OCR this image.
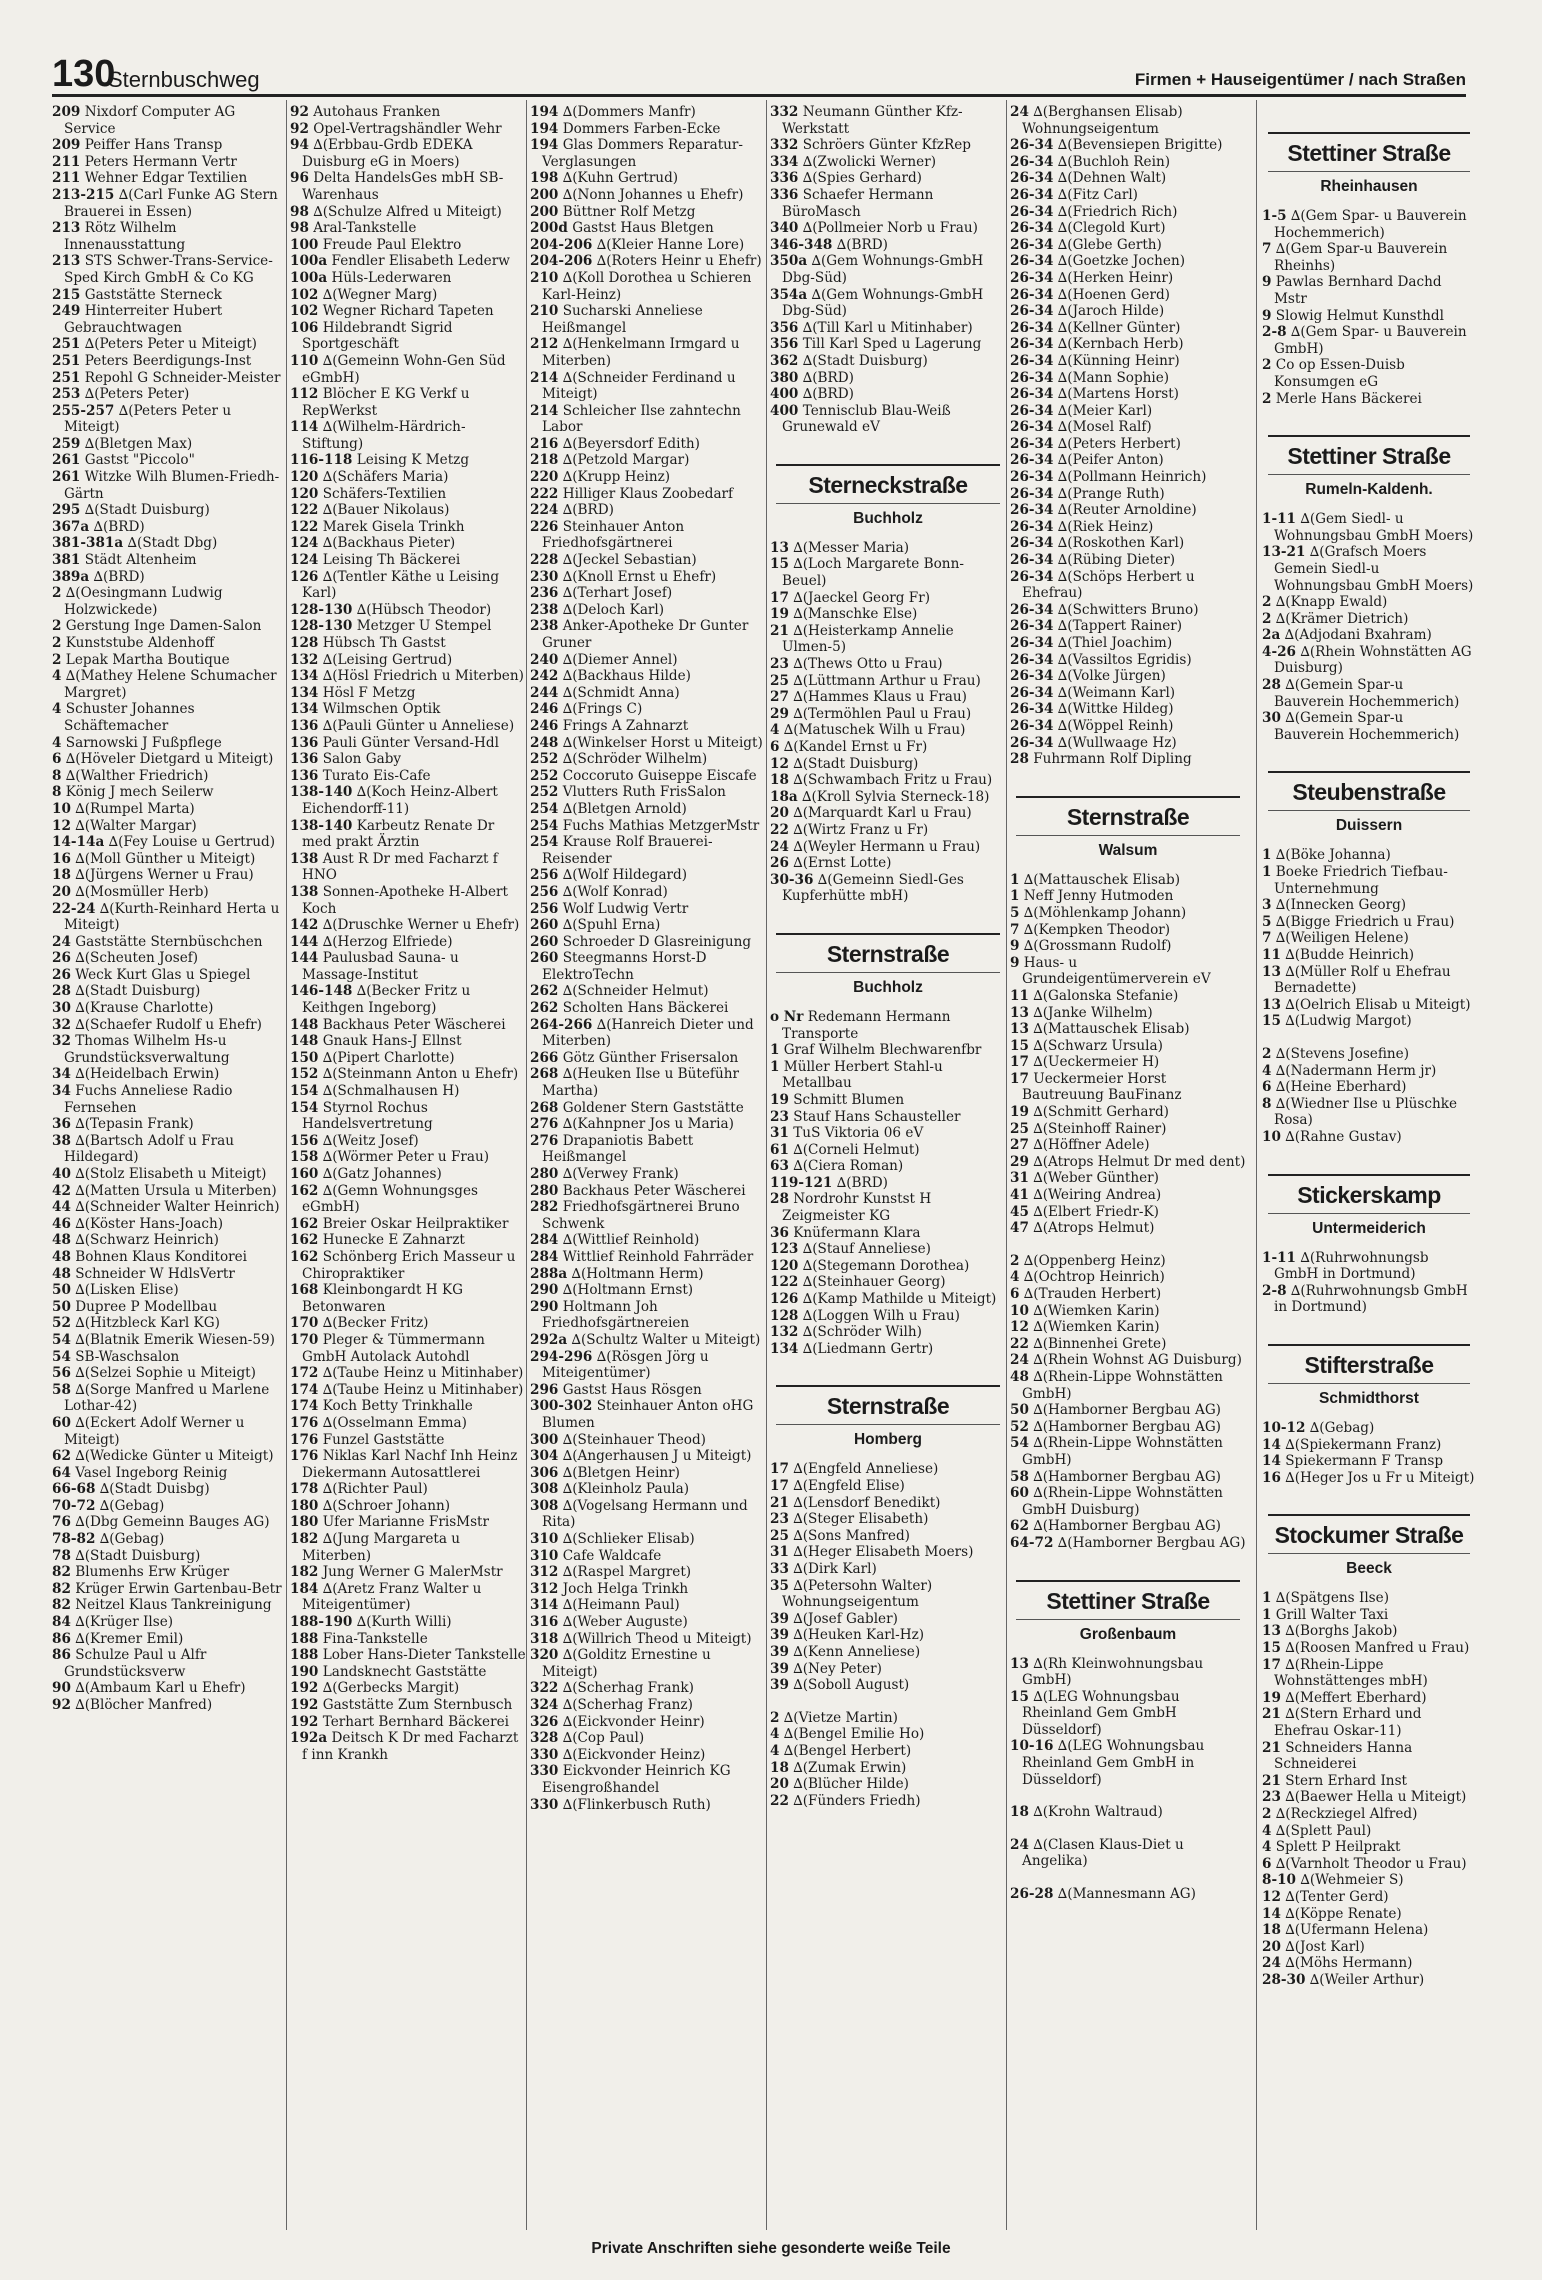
130
Sternbuschweg	Firmen + Hauseigentümer / nach Straßen
209 Nixdorf Computer AG Service
209 Peiffer Hans Transp
211 Peters Hermann Vertr
211 Wehner Edgar Textilien
213-215 ∆(Carl Funke AG Stern Brauerei in Essen)
213 Rötz Wilhelm Innenausstattung
213 STS Schwer-Trans-Service-Sped Kirch GmbH & Co KG
215 Gaststätte Sterneck
249 Hinterreiter Hubert Gebrauchtwagen
251 ∆(Peters Peter u Miteigt)
251 Peters Beerdigungs-Inst
251 Repohl G Schneider-Meister
253 ∆(Peters Peter)
255-257 ∆(Peters Peter u Miteigt)
259 ∆(Bletgen Max)
261 Gastst "Piccolo"
261 Witzke Wilh Blumen-Friedh-Gärtn
295 ∆(Stadt Duisburg)
367a ∆(BRD)
381-381a ∆(Stadt Dbg)
381 Städt Altenheim
389a ∆(BRD)
2 ∆(Oesingmann Ludwig Holzwickede)
2 Gerstung Inge Damen-Salon
2 Kunststube Aldenhoff
2 Lepak Martha Boutique
4 ∆(Mathey Helene Schumacher Margret)
4 Schuster Johannes Schäftemacher
4 Sarnowski J Fußpflege
6 ∆(Höveler Dietgard u Miteigt)
8 ∆(Walther Friedrich)
8 König J mech Seilerw
10 ∆(Rumpel Marta)
12 ∆(Walter Margar)
14-14a ∆(Fey Louise u Gertrud)
16 ∆(Moll Günther u Miteigt)
18 ∆(Jürgens Werner u Frau)
20 ∆(Mosmüller Herb)
22-24 ∆(Kurth-Reinhard Herta u Miteigt)
24 Gaststätte Sternbüschchen
26 ∆(Scheuten Josef)
26 Weck Kurt Glas u Spiegel
28 ∆(Stadt Duisburg)
30 ∆(Krause Charlotte)
32 ∆(Schaefer Rudolf u Ehefr)
32 Thomas Wilhelm Hs-u Grundstücksverwaltung
34 ∆(Heidelbach Erwin)
34 Fuchs Anneliese Radio Fernsehen
36 ∆(Tepasin Frank)
38 ∆(Bartsch Adolf u Frau Hildegard)
40 ∆(Stolz Elisabeth u Miteigt)
42 ∆(Matten Ursula u Miterben)
44 ∆(Schneider Walter Heinrich)
46 ∆(Köster Hans-Joach)
48 ∆(Schwarz Heinrich)
48 Bohnen Klaus Konditorei
48 Schneider W HdlsVertr
50 ∆(Lisken Elise)
50 Dupree P Modellbau
52 ∆(Hitzbleck Karl KG)
54 ∆(Blatnik Emerik Wiesen-59)
54 SB-Waschsalon
56 ∆(Selzei Sophie u Miteigt)
58 ∆(Sorge Manfred u Marlene Lothar-42)
60 ∆(Eckert Adolf Werner u Miteigt)
62 ∆(Wedicke Günter u Miteigt)
64 Vasel Ingeborg Reinig
66-68 ∆(Stadt Duisbg)
70-72 ∆(Gebag)
76 ∆(Dbg Gemeinn Bauges AG)
78-82 ∆(Gebag)
78 ∆(Stadt Duisburg)
82 Blumenhs Erw Krüger
82 Krüger Erwin Gartenbau-Betr
82 Neitzel Klaus Tankreinigung
84 ∆(Krüger Ilse)
86 ∆(Kremer Emil)
86 Schulze Paul u Alfr Grundstücksverw
90 ∆(Ambaum Karl u Ehefr)
92 ∆(Blöcher Manfred)
92 Autohaus Franken
92 Opel-Vertragshändler Wehr
94 ∆(Erbbau-Grdb EDEKA Duisburg eG in Moers)
96 Delta HandelsGes mbH SB-Warenhaus
98 ∆(Schulze Alfred u Miteigt)
98 Aral-Tankstelle
100 Freude Paul Elektro
100a Fendler Elisabeth Lederw
100a Hüls-Lederwaren
102 ∆(Wegner Marg)
102 Wegner Richard Tapeten
106 Hildebrandt Sigrid Sportgeschäft
110 ∆(Gemeinn Wohn-Gen Süd eGmbH)
112 Blöcher E KG Verkf u RepWerkst
114 ∆(Wilhelm-Härdrich-Stiftung)
116-118 Leising K Metzg
120 ∆(Schäfers Maria)
120 Schäfers-Textilien
122 ∆(Bauer Nikolaus)
122 Marek Gisela Trinkh
124 ∆(Backhaus Pieter)
124 Leising Th Bäckerei
126 ∆(Tentler Käthe u Leising Karl)
128-130 ∆(Hübsch Theodor)
128-130 Metzger U Stempel
128 Hübsch Th Gastst
132 ∆(Leising Gertrud)
134 ∆(Hösl Friedrich u Miterben)
134 Hösl F Metzg
134 Wilmschen Optik
136 ∆(Pauli Günter u Anneliese)
136 Pauli Günter Versand-Hdl
136 Salon Gaby
136 Turato Eis-Cafe
138-140 ∆(Koch Heinz-Albert Eichendorff-11)
138-140 Karbeutz Renate Dr med prakt Ärztin
138 Aust R Dr med Facharzt f HNO
138 Sonnen-Apotheke H-Albert Koch
142 ∆(Druschke Werner u Ehefr)
144 ∆(Herzog Elfriede)
144 Paulusbad Sauna- u Massage-Institut
146-148 ∆(Becker Fritz u Keithgen Ingeborg)
148 Backhaus Peter Wäscherei
148 Gnauk Hans-J Ellnst
150 ∆(Pipert Charlotte)
152 ∆(Steinmann Anton u Ehefr)
154 ∆(Schmalhausen H)
154 Styrnol Rochus Handelsvertretung
156 ∆(Weitz Josef)
158 ∆(Wörmer Peter u Frau)
160 ∆(Gatz Johannes)
162 ∆(Gemn Wohnungsges eGmbH)
162 Breier Oskar Heilpraktiker
162 Hunecke E Zahnarzt
162 Schönberg Erich Masseur u Chiropraktiker
168 Kleinbongardt H KG Betonwaren
170 ∆(Becker Fritz)
170 Pleger & Tümmermann GmbH Autolack Autohdl
172 ∆(Taube Heinz u Mitinhaber)
174 ∆(Taube Heinz u Mitinhaber)
174 Koch Betty Trinkhalle
176 ∆(Osselmann Emma)
176 Funzel Gaststätte
176 Niklas Karl Nachf Inh Heinz Diekermann Autosattlerei
178 ∆(Richter Paul)
180 ∆(Schroer Johann)
180 Ufer Marianne FrisMstr
182 ∆(Jung Margareta u Miterben)
182 Jung Werner G MalerMstr
184 ∆(Aretz Franz Walter u Miteigentümer)
188-190 ∆(Kurth Willi)
188 Fina-Tankstelle
188 Lober Hans-Dieter Tankstelle
190 Landsknecht Gaststätte
192 ∆(Gerbecks Margit)
192 Gaststätte Zum Sternbusch
192 Terhart Bernhard Bäckerei
192a Deitsch K Dr med Facharzt f inn Krankh
194 ∆(Dommers Manfr)
194 Dommers Farben-Ecke
194 Glas Dommers Reparatur-Verglasungen
198 ∆(Kuhn Gertrud)
200 ∆(Nonn Johannes u Ehefr)
200 Büttner Rolf Metzg
200d Gastst Haus Bletgen
204-206 ∆(Kleier Hanne Lore)
204-206 ∆(Roters Heinr u Ehefr)
210 ∆(Koll Dorothea u Schieren Karl-Heinz)
210 Sucharski Anneliese Heißmangel
212 ∆(Henkelmann Irmgard u Miterben)
214 ∆(Schneider Ferdinand u Miteigt)
214 Schleicher Ilse zahntechn Labor
216 ∆(Beyersdorf Edith)
218 ∆(Petzold Margar)
220 ∆(Krupp Heinz)
222 Hilliger Klaus Zoobedarf
224 ∆(BRD)
226 Steinhauer Anton Friedhofsgärtnerei
228 ∆(Jeckel Sebastian)
230 ∆(Knoll Ernst u Ehefr)
236 ∆(Terhart Josef)
238 ∆(Deloch Karl)
238 Anker-Apotheke Dr Gunter Gruner
240 ∆(Diemer Annel)
242 ∆(Backhaus Hilde)
244 ∆(Schmidt Anna)
246 ∆(Frings C)
246 Frings A Zahnarzt
248 ∆(Winkelser Horst u Miteigt)
252 ∆(Schröder Wilhelm)
252 Coccoruto Guiseppe Eiscafe
252 Vlutters Ruth FrisSalon
254 ∆(Bletgen Arnold)
254 Fuchs Mathias MetzgerMstr
254 Krause Rolf Brauerei-Reisender
256 ∆(Wolf Hildegard)
256 ∆(Wolf Konrad)
256 Wolf Ludwig Vertr
260 ∆(Spuhl Erna)
260 Schroeder D Glasreinigung
260 Steegmanns Horst-D ElektroTechn
262 ∆(Schneider Helmut)
262 Scholten Hans Bäckerei
264-266 ∆(Hanreich Dieter und Miterben)
266 Götz Günther Frisersalon
268 ∆(Heuken Ilse u Büteführ Martha)
268 Goldener Stern Gaststätte
276 ∆(Kahnpner Jos u Maria)
276 Drapaniotis Babett Heißmangel
280 ∆(Verwey Frank)
280 Backhaus Peter Wäscherei
282 Friedhofsgärtnerei Bruno Schwenk
284 ∆(Wittlief Reinhold)
284 Wittlief Reinhold Fahrräder
288a ∆(Holtmann Herm)
290 ∆(Holtmann Ernst)
290 Holtmann Joh Friedhofsgärtnereien
292a ∆(Schultz Walter u Miteigt)
294-296 ∆(Rösgen Jörg u Miteigentümer)
296 Gastst Haus Rösgen
300-302 Steinhauer Anton oHG Blumen
300 ∆(Steinhauer Theod)
304 ∆(Angerhausen J u Miteigt)
306 ∆(Bletgen Heinr)
308 ∆(Kleinholz Paula)
308 ∆(Vogelsang Hermann und Rita)
310 ∆(Schlieker Elisab)
310 Cafe Waldcafe
312 ∆(Raspel Margret)
312 Joch Helga Trinkh
314 ∆(Heimann Paul)
316 ∆(Weber Auguste)
318 ∆(Willrich Theod u Miteigt)
320 ∆(Golditz Ernestine u Miteigt)
322 ∆(Scherhag Frank)
324 ∆(Scherhag Franz)
326 ∆(Eickvonder Heinr)
328 ∆(Cop Paul)
330 ∆(Eickvonder Heinz)
330 Eickvonder Heinrich KG Eisengroßhandel
330 ∆(Flinkerbusch Ruth)
332 Neumann Günther Kfz-Werkstatt
332 Schröers Günter KfzRep
334 ∆(Zwolicki Werner)
336 ∆(Spies Gerhard)
336 Schaefer Hermann BüroMasch
340 ∆(Pollmeier Norb u Frau)
346-348 ∆(BRD)
350a ∆(Gem Wohnungs-GmbH Dbg-Süd)
354a ∆(Gem Wohnungs-GmbH Dbg-Süd)
356 ∆(Till Karl u Mitinhaber)
356 Till Karl Sped u Lagerung
362 ∆(Stadt Duisburg)
380 ∆(BRD)
400 ∆(BRD)
400 Tennisclub Blau-Weiß Grunewald eV
Sterneckstraße
Buchholz
13 ∆(Messer Maria)
15 ∆(Loch Margarete Bonn-Beuel)
17 ∆(Jaeckel Georg Fr)
19 ∆(Manschke Else)
21 ∆(Heisterkamp Annelie Ulmen-5)
23 ∆(Thews Otto u Frau)
25 ∆(Lüttmann Arthur u Frau)
27 ∆(Hammes Klaus u Frau)
29 ∆(Termöhlen Paul u Frau)
4 ∆(Matuschek Wilh u Frau)
6 ∆(Kandel Ernst u Fr)
12 ∆(Stadt Duisburg)
18 ∆(Schwambach Fritz u Frau)
18a ∆(Kroll Sylvia Sterneck-18)
20 ∆(Marquardt Karl u Frau)
22 ∆(Wirtz Franz u Fr)
24 ∆(Weyler Hermann u Frau)
26 ∆(Ernst Lotte)
30-36 ∆(Gemeinn Siedl-Ges Kupferhütte mbH)
Sternstraße
Buchholz
o Nr Redemann Hermann Transporte
1 Graf Wilhelm Blechwarenfbr
1 Müller Herbert Stahl-u Metallbau
19 Schmitt Blumen
23 Stauf Hans Schausteller
31 TuS Viktoria 06 eV
61 ∆(Corneli Helmut)
63 ∆(Ciera Roman)
119-121 ∆(BRD)
28 Nordrohr Kunstst H Zeigmeister KG
36 Knüfermann Klara
123 ∆(Stauf Anneliese)
120 ∆(Stegemann Dorothea)
122 ∆(Steinhauer Georg)
126 ∆(Kamp Mathilde u Miteigt)
128 ∆(Loggen Wilh u Frau)
132 ∆(Schröder Wilh)
134 ∆(Liedmann Gertr)
Sternstraße
Homberg
17 ∆(Engfeld Anneliese)
17 ∆(Engfeld Elise)
21 ∆(Lensdorf Benedikt)
23 ∆(Steger Elisabeth)
25 ∆(Sons Manfred)
31 ∆(Heger Elisabeth Moers)
33 ∆(Dirk Karl)
35 ∆(Petersohn Walter) Wohnungseigentum
39 ∆(Josef Gabler)
39 ∆(Heuken Karl-Hz)
39 ∆(Kenn Anneliese)
39 ∆(Ney Peter)
39 ∆(Soboll August)
2 ∆(Vietze Martin)
4 ∆(Bengel Emilie Ho)
4 ∆(Bengel Herbert)
18 ∆(Zumak Erwin)
20 ∆(Blücher Hilde)
22 ∆(Fünders Friedh)
24 ∆(Berghansen Elisab) Wohnungseigentum
26-34 ∆(Bevensiepen Brigitte)
26-34 ∆(Buchloh Rein)
26-34 ∆(Dehnen Walt)
26-34 ∆(Fitz Carl)
26-34 ∆(Friedrich Rich)
26-34 ∆(Clegold Kurt)
26-34 ∆(Glebe Gerth)
26-34 ∆(Goetzke Jochen)
26-34 ∆(Herken Heinr)
26-34 ∆(Hoenen Gerd)
26-34 ∆(Jaroch Hilde)
26-34 ∆(Kellner Günter)
26-34 ∆(Kernbach Herb)
26-34 ∆(Künning Heinr)
26-34 ∆(Mann Sophie)
26-34 ∆(Martens Horst)
26-34 ∆(Meier Karl)
26-34 ∆(Mosel Ralf)
26-34 ∆(Peters Herbert)
26-34 ∆(Peifer Anton)
26-34 ∆(Pollmann Heinrich)
26-34 ∆(Prange Ruth)
26-34 ∆(Reuter Arnoldine)
26-34 ∆(Riek Heinz)
26-34 ∆(Roskothen Karl)
26-34 ∆(Rübing Dieter)
26-34 ∆(Schöps Herbert u Ehefrau)
26-34 ∆(Schwitters Bruno)
26-34 ∆(Tappert Rainer)
26-34 ∆(Thiel Joachim)
26-34 ∆(Vassiltos Egridis)
26-34 ∆(Volke Jürgen)
26-34 ∆(Weimann Karl)
26-34 ∆(Wittke Hildeg)
26-34 ∆(Wöppel Reinh)
26-34 ∆(Wullwaage Hz)
28 Fuhrmann Rolf Dipling
Sternstraße
Walsum
1 ∆(Mattauschek Elisab)
1 Neff Jenny Hutmoden
5 ∆(Möhlenkamp Johann)
7 ∆(Kempken Theodor)
9 ∆(Grossmann Rudolf)
9 Haus- u Grundeigentümerverein eV
11 ∆(Galonska Stefanie)
13 ∆(Janke Wilhelm)
13 ∆(Mattauschek Elisab)
15 ∆(Schwarz Ursula)
17 ∆(Ueckermeier H)
17 Ueckermeier Horst Bautreuung BauFinanz
19 ∆(Schmitt Gerhard)
25 ∆(Steinhoff Rainer)
27 ∆(Höffner Adele)
29 ∆(Atrops Helmut Dr med dent)
31 ∆(Weber Günther)
41 ∆(Weiring Andrea)
45 ∆(Elbert Friedr-K)
47 ∆(Atrops Helmut)
2 ∆(Oppenberg Heinz)
4 ∆(Ochtrop Heinrich)
6 ∆(Trauden Herbert)
10 ∆(Wiemken Karin)
12 ∆(Wiemken Karin)
22 ∆(Binnenhei Grete)
24 ∆(Rhein Wohnst AG Duisburg)
48 ∆(Rhein-Lippe Wohnstätten GmbH)
50 ∆(Hamborner Bergbau AG)
52 ∆(Hamborner Bergbau AG)
54 ∆(Rhein-Lippe Wohnstätten GmbH)
58 ∆(Hamborner Bergbau AG)
60 ∆(Rhein-Lippe Wohnstätten GmbH Duisburg)
62 ∆(Hamborner Bergbau AG)
64-72 ∆(Hamborner Bergbau AG)
Stettiner Straße
Großenbaum
13 ∆(Rh Kleinwohnungsbau GmbH)
15 ∆(LEG Wohnungsbau Rheinland Gem GmbH Düsseldorf)
10-16 ∆(LEG Wohnungsbau Rheinland Gem GmbH in Düsseldorf)
18 ∆(Krohn Waltraud)
24 ∆(Clasen Klaus-Diet u Angelika)
26-28 ∆(Mannesmann AG)
Stettiner Straße
Rheinhausen
1-5 ∆(Gem Spar- u Bauverein Hochemmerich)
7 ∆(Gem Spar-u Bauverein Rheinhs)
9 Pawlas Bernhard Dachd Mstr
9 Slowig Helmut Kunsthdl
2-8 ∆(Gem Spar- u Bauverein GmbH)
2 Co op Essen-Duisb Konsumgen eG
2 Merle Hans Bäckerei
Stettiner Straße
Rumeln-Kaldenh.
1-11 ∆(Gem Siedl- u Wohnungsbau GmbH Moers)
13-21 ∆(Grafsch Moers Gemein Siedl-u Wohnungsbau GmbH Moers)
2 ∆(Knapp Ewald)
2 ∆(Krämer Dietrich)
2a ∆(Adjodani Bxahram)
4-26 ∆(Rhein Wohnstätten AG Duisburg)
28 ∆(Gemein Spar-u Bauverein Hochemmerich)
30 ∆(Gemein Spar-u Bauverein Hochemmerich)
Steubenstraße
Duissern
1 ∆(Böke Johanna)
1 Boeke Friedrich Tiefbau-Unternehmung
3 ∆(Innecken Georg)
5 ∆(Bigge Friedrich u Frau)
7 ∆(Weiligen Helene)
11 ∆(Budde Heinrich)
13 ∆(Müller Rolf u Ehefrau Bernadette)
13 ∆(Oelrich Elisab u Miteigt)
15 ∆(Ludwig Margot)
2 ∆(Stevens Josefine)
4 ∆(Nadermann Herm jr)
6 ∆(Heine Eberhard)
8 ∆(Wiedner Ilse u Plüschke Rosa)
10 ∆(Rahne Gustav)
Stickerskamp
Untermeiderich
1-11 ∆(Ruhrwohnungsb GmbH in Dortmund)
2-8 ∆(Ruhrwohnungsb GmbH in Dortmund)
Stifterstraße
Schmidthorst
10-12 ∆(Gebag)
14 ∆(Spiekermann Franz)
14 Spiekermann F Transp
16 ∆(Heger Jos u Fr u Miteigt)
Stockumer Straße
Beeck
1 ∆(Spätgens Ilse)
1 Grill Walter Taxi
13 ∆(Borghs Jakob)
15 ∆(Roosen Manfred u Frau)
17 ∆(Rhein-Lippe Wohnstättenges mbH)
19 ∆(Meffert Eberhard)
21 ∆(Stern Erhard und Ehefrau Oskar-11)
21 Schneiders Hanna Schneiderei
21 Stern Erhard Inst
23 ∆(Baewer Hella u Miteigt)
2 ∆(Reckziegel Alfred)
4 ∆(Splett Paul)
4 Splett P Heilprakt
6 ∆(Varnholt Theodor u Frau)
8-10 ∆(Wehmeier S)
12 ∆(Tenter Gerd)
14 ∆(Köppe Renate)
18 ∆(Ufermann Helena)
20 ∆(Jost Karl)
24 ∆(Möhs Hermann)
28-30 ∆(Weiler Arthur)
Private Anschriften siehe gesonderte weiße Teile
